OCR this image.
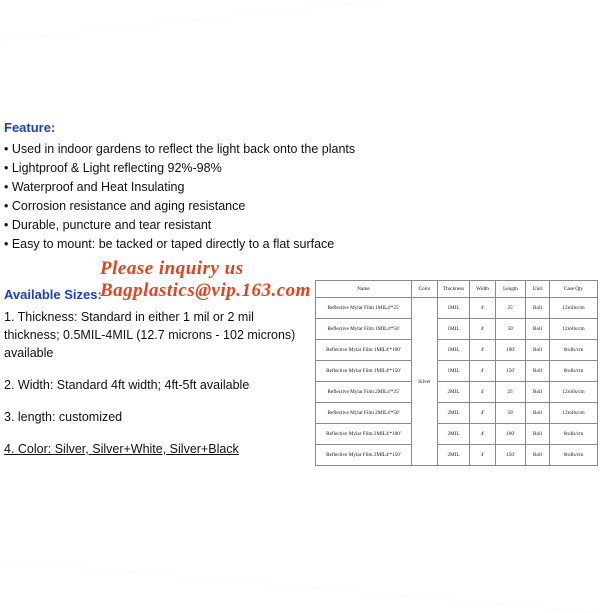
Feature:
• Used in indoor gardens to reflect the light back onto the plants
• Lightproof & Light reflecting 92%-98%
• Waterproof and Heat Insulating
• Corrosion resistance and aging resistance
• Durable, puncture and tear resistant
• Easy to mount: be tacked or taped directly to a flat surface
Available Sizes:
1. Thickness: Standard in either 1 mil or 2 mil thickness; 0.5MIL-4MIL (12.7 microns - 102 microns) available
2. Width: Standard 4ft width; 4ft-5ft available
3. length: customized
4. Color: Silver, Silver+White, Silver+Black
Please inquiry us
Bagplastics@vip.163.com	Name	Color	Thickness	Width	Length	Unit	Case Qty
Reflective Mylar Film 1MIL4'*25'	Silver	1MIL	4'	25'	Roll	12rolls/ctn
Reflective Mylar Film 1MIL4'*50'		1MIL	4'	50'	Roll	12rolls/ctn
Reflective Mylar Film 1MIL4'*100'		1MIL	4'	100'	Roll	6rolls/ctn
Reflective Mylar Film 1MIL4'*150'		1MIL	4'	150'	Roll	6rolls/ctn
Reflective Mylar Film 2MIL4'*25'		2MIL	4'	25'	Roll	12rolls/ctn
Reflective Mylar Film 2MIL4'*50'		2MIL	4'	50'	Roll	12rolls/ctn
Reflective Mylar Film 2MIL4'*100'		2MIL	4'	100'	Roll	6rolls/ctn
Reflective Mylar Film 2MIL4'*150'		2MIL	4'	150'	Roll	6rolls/ctn
